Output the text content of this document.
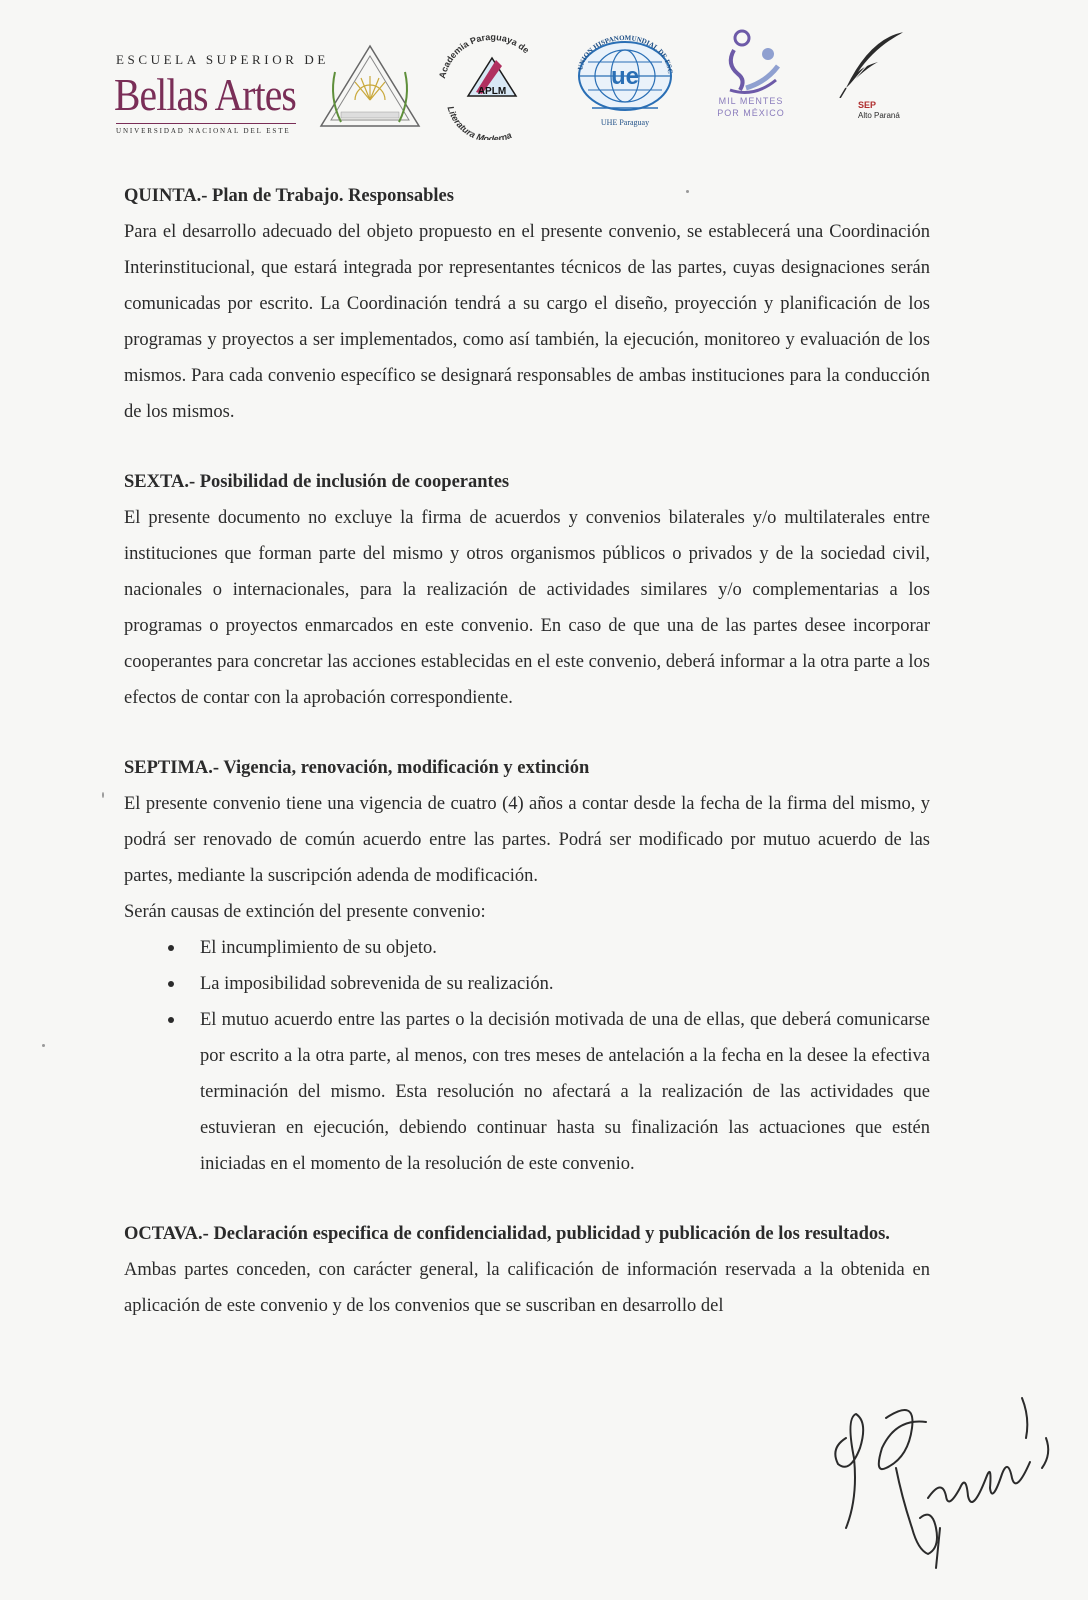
ESCUELA SUPERIOR DE
Bellas Artes
UNIVERSIDAD NACIONAL DEL ESTE
Academia Paraguaya de
APLM
Literatura Moderna
ue
UNION HISPANOMUNDIAL DE ESC
UHE Paraguay
MIL MENTES
POR MÉXICO
SEP
Alto Paraná

QUINTA.- Plan de Trabajo. Responsables

Para el desarrollo adecuado del objeto propuesto en el presente convenio, se establecerá una Coordinación Interinstitucional, que estará integrada por representantes técnicos de las partes, cuyas designaciones serán comunicadas por escrito. La Coordinación tendrá a su cargo el diseño, proyección y planificación de los programas y proyectos a ser implementados, como así también, la ejecución, monitoreo y evaluación de los mismos. Para cada convenio específico se designará responsables de ambas instituciones para la conducción de los mismos.

SEXTA.- Posibilidad de inclusión de cooperantes

El presente documento no excluye la firma de acuerdos y convenios bilaterales y/o multilaterales entre instituciones que forman parte del mismo y otros organismos públicos o privados y de la sociedad civil, nacionales o internacionales, para la realización de actividades similares y/o complementarias a los programas o proyectos enmarcados en este convenio. En caso de que una de las partes desee incorporar cooperantes para concretar las acciones establecidas en el este convenio, deberá informar a la otra parte a los efectos de contar con la aprobación correspondiente.

SEPTIMA.- Vigencia, renovación, modificación y extinción

El presente convenio tiene una vigencia de cuatro (4) años a contar desde la fecha de la firma del mismo, y podrá ser renovado de común acuerdo entre las partes. Podrá ser modificado por mutuo acuerdo de las partes, mediante la suscripción adenda de modificación.

Serán causas de extinción del presente convenio:

El incumplimiento de su objeto.
La imposibilidad sobrevenida de su realización.
El mutuo acuerdo entre las partes o la decisión motivada de una de ellas, que deberá comunicarse por escrito a la otra parte, al menos, con tres meses de antelación a la fecha en la desee la efectiva terminación del mismo. Esta resolución no afectará a la realización de las actividades que estuvieran en ejecución, debiendo continuar hasta su finalización las actuaciones que estén iniciadas en el momento de la resolución de este convenio.

OCTAVA.- Declaración especifica de confidencialidad, publicidad y publicación de los resultados.

Ambas partes conceden, con carácter general, la calificación de información reservada a la obtenida en aplicación de este convenio y de los convenios que se suscriban en desarrollo del
